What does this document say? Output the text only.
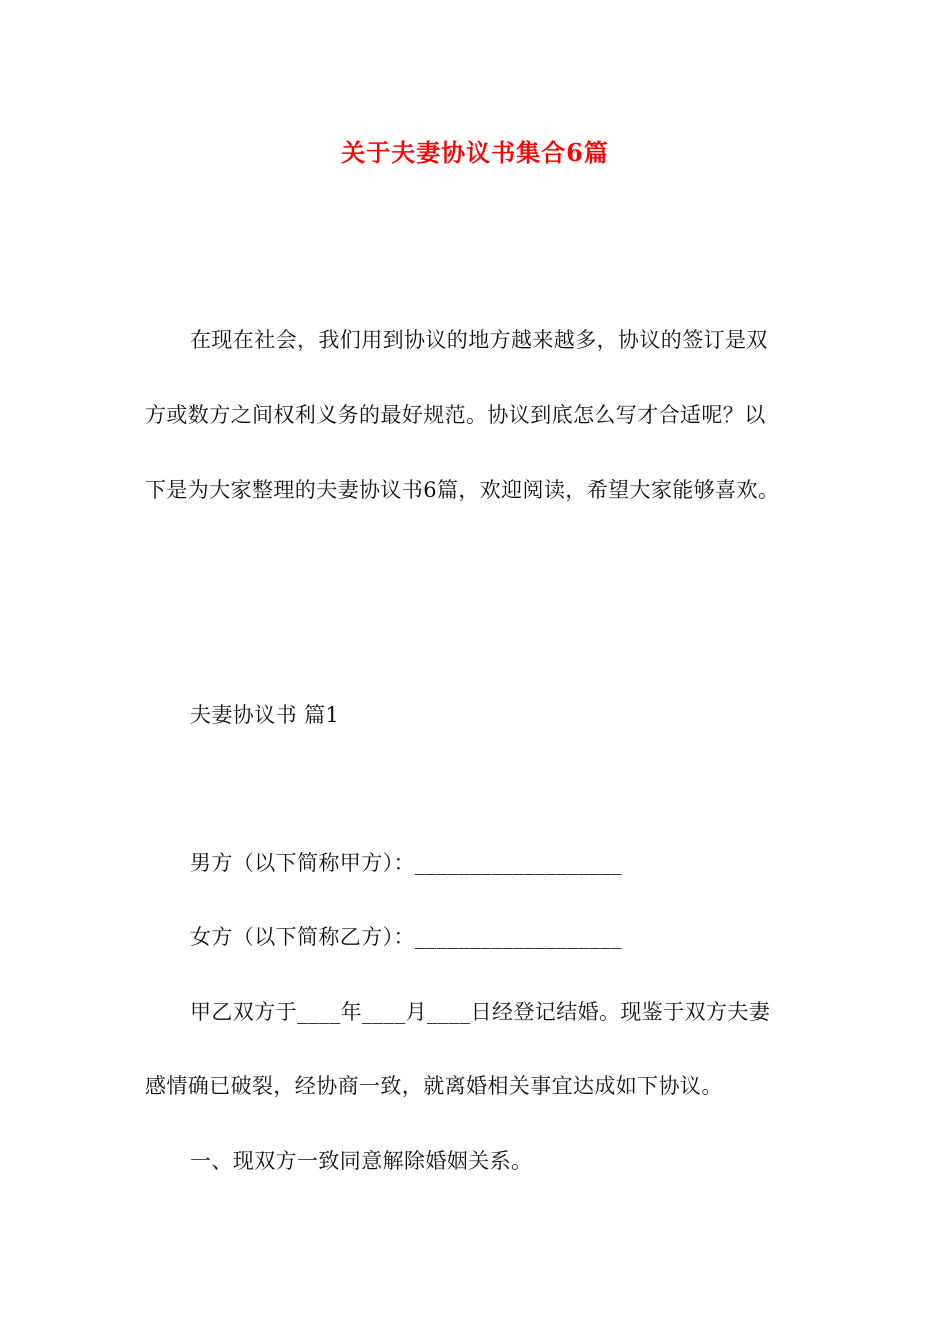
关于夫妻协议书集合6篇
在现在社会，我们用到协议的地方越来越多，协议的签订是双
方或数方之间权利义务的最好规范。协议到底怎么写才合适呢？以
下是为大家整理的夫妻协议书6篇，欢迎阅读，希望大家能够喜欢。
夫妻协议书 篇1
男方（以下简称甲方）：___________________
女方（以下简称乙方）：___________________
甲乙双方于____年____月____日经登记结婚。现鉴于双方夫妻
感情确已破裂，经协商一致，就离婚相关事宜达成如下协议。
一、现双方一致同意解除婚姻关系。
